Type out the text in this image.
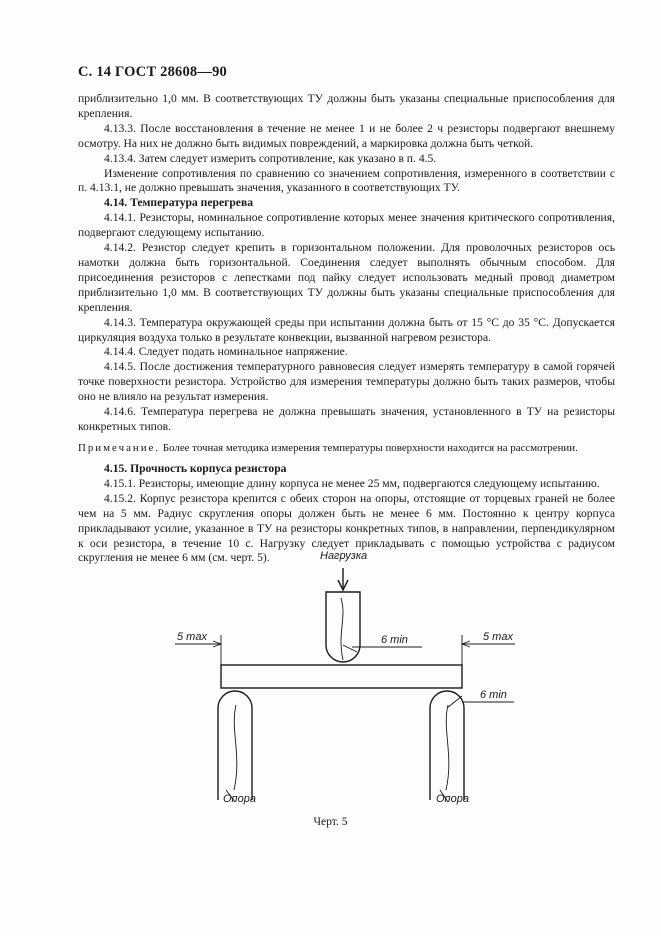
С. 14 ГОСТ 28608—90

приблизительно 1,0 мм. В соответствующих ТУ должны быть указаны специальные приспособления для крепления.

4.13.3. После восстановления в течение не менее 1 и не более 2 ч резисторы подвергают внешнему осмотру. На них не должно быть видимых повреждений, а маркировка должна быть четкой.

4.13.4. Затем следует измерить сопротивление, как указано в п. 4.5.

Изменение сопротивления по сравнению со значением сопротивления, измеренного в соответствии с п. 4.13.1, не должно превышать значения, указанного в соответствующих ТУ.

4.14. Температура перегрева

4.14.1. Резисторы, номинальное сопротивление которых менее значения критического сопротивления, подвергают следующему испытанию.

4.14.2. Резистор следует крепить в горизонтальном положении. Для проволочных резисторов ось намотки должна быть горизонтальной. Соединения следует выполнять обычным способом. Для присоединения резисторов с лепестками под пайку следует использовать медный провод диаметром приблизительно 1,0 мм. В соответствующих ТУ должны быть указаны специальные приспособления для крепления.

4.14.3. Температура окружающей среды при испытании должна быть от 15 °С до 35 °С. Допускается циркуляция воздуха только в результате конвекции, вызванной нагревом резистора.

4.14.4. Следует подать номинальное напряжение.

4.14.5. После достижения температурного равновесия следует измерять температуру в самой горячей точке поверхности резистора. Устройство для измерения температуры должно быть таких размеров, чтобы оно не влияло на результат измерения.

4.14.6. Температура перегрева не должна превышать значения, установленного в ТУ на резисторы конкретных типов.

Примечание. Более точная методика измерения температуры поверхности находится на рассмотрении.

4.15. Прочность корпуса резистора

4.15.1. Резисторы, имеющие длину корпуса не менее 25 мм, подвергаются следующему испытанию.

4.15.2. Корпус резистора крепится с обеих сторон на опоры, отстоящие от торцевых граней не более чем на 5 мм. Радиус скругления опоры должен быть не менее 6 мм. Постоянно к центру корпуса прикладывают усилие, указанное в ТУ на резисторы конкретных типов, в направлении, перпендикулярном к оси резистора, в течение 10 с. Нагрузку следует прикладывать с помощью устройства с радиусом скругления не менее 6 мм (см. черт. 5).	Нагрузка
5 max	6 min	5 max
6 min
Опора	Опора
Черт. 5
